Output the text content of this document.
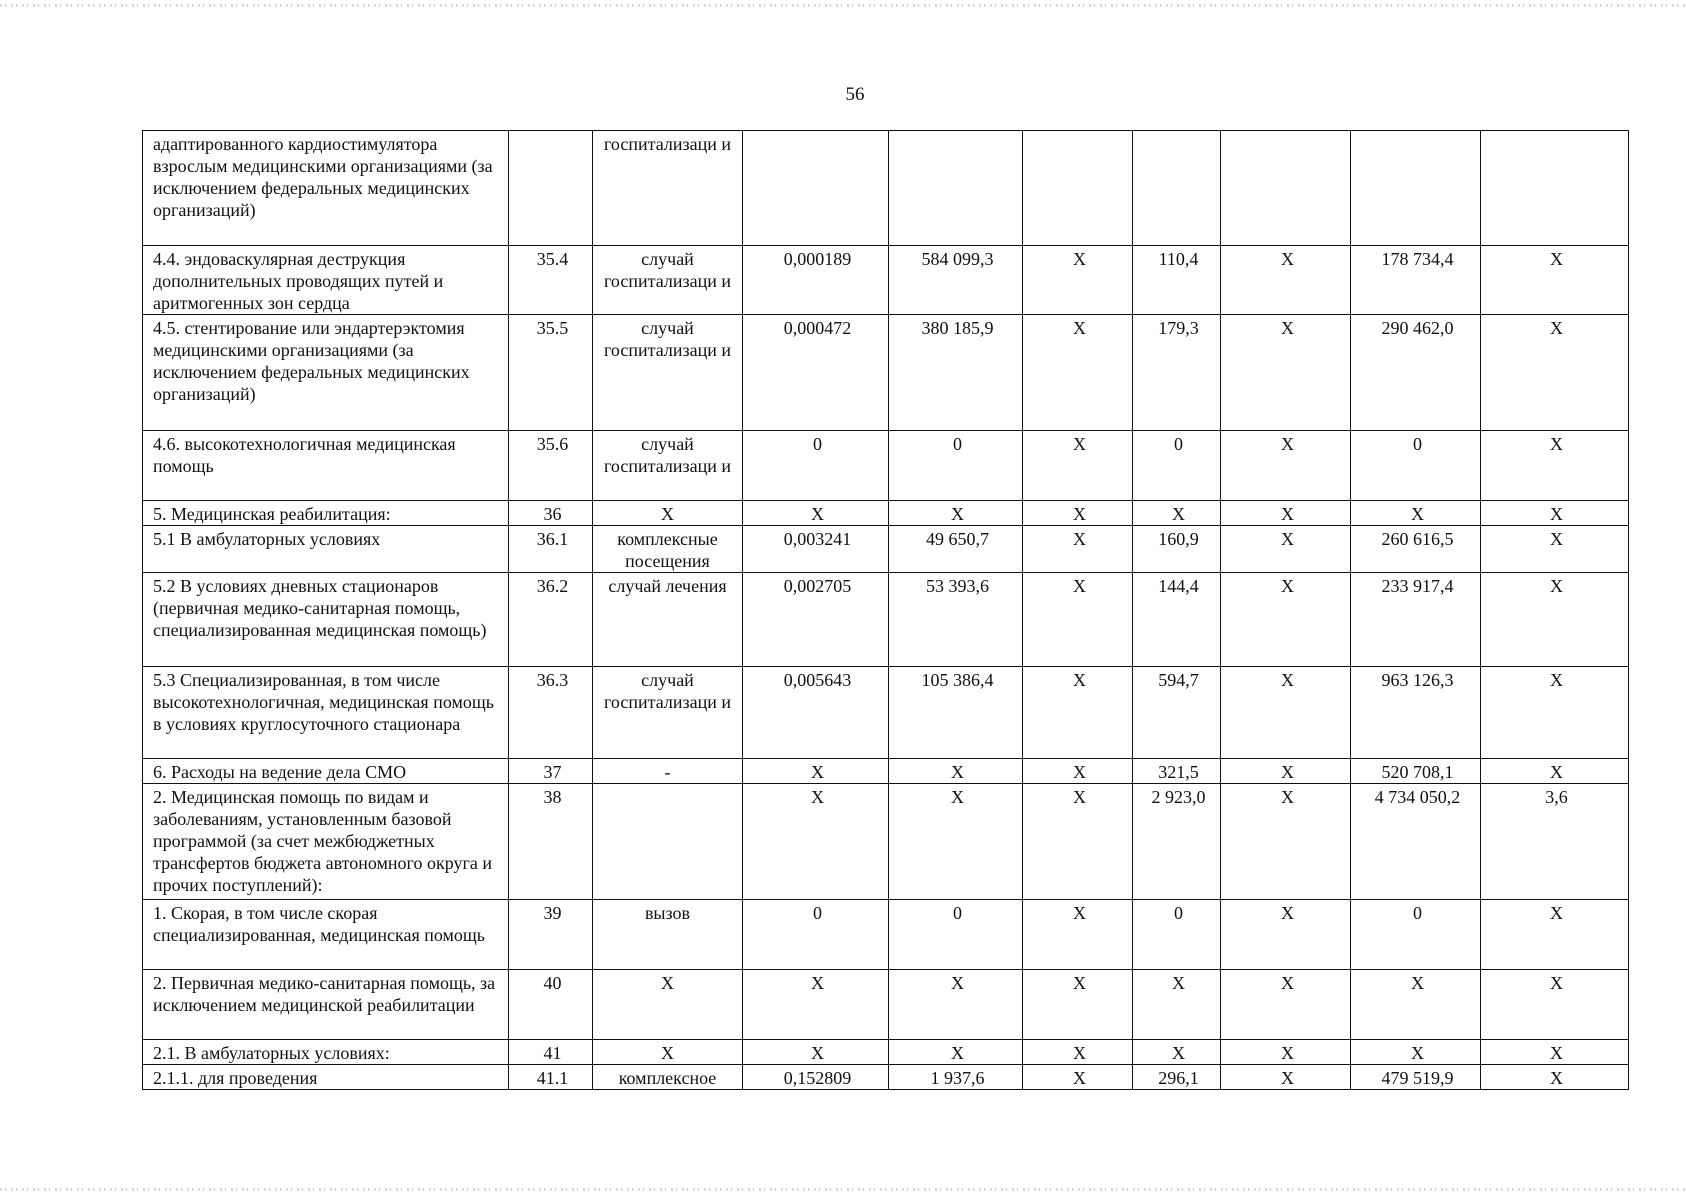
56
адаптированного кардиостимулятора взрослым медицинскими организациями (за исключением федеральных медицинских организаций)		госпитализаци и							
4.4. эндоваскулярная деструкция дополнительных проводящих путей и аритмогенных зон сердца	35.4	случай госпитализаци и	0,000189	584 099,3	X	110,4	X	178 734,4	X
4.5. стентирование или эндартерэктомия медицинскими организациями (за исключением федеральных медицинских организаций)	35.5	случай госпитализаци и	0,000472	380 185,9	X	179,3	X	290 462,0	X
4.6. высокотехнологичная медицинская помощь	35.6	случай госпитализаци и	0	0	X	0	X	0	X
5. Медицинская реабилитация:	36	X	X	X	X	X	X	X	X
5.1 В амбулаторных условиях	36.1	комплексные посещения	0,003241	49 650,7	X	160,9	X	260 616,5	X
5.2 В условиях дневных стационаров (первичная медико-санитарная помощь, специализированная медицинская помощь)	36.2	случай лечения	0,002705	53 393,6	X	144,4	X	233 917,4	X
5.3 Специализированная, в том числе высокотехнологичная, медицинская помощь в условиях круглосуточного стационара	36.3	случай госпитализаци и	0,005643	105 386,4	X	594,7	X	963 126,3	X
6. Расходы на ведение дела СМО	37	-	X	X	X	321,5	X	520 708,1	X
2. Медицинская помощь по видам и заболеваниям, установленным базовой программой (за счет межбюджетных трансфертов бюджета автономного округа и прочих поступлений):	38		X	X	X	2 923,0	X	4 734 050,2	3,6
1. Скорая, в том числе скорая специализированная, медицинская помощь	39	вызов	0	0	X	0	X	0	X
2. Первичная медико-санитарная помощь, за исключением медицинской реабилитации	40	X	X	X	X	X	X	X	X
2.1. В амбулаторных условиях:	41	X	X	X	X	X	X	X	X
2.1.1. для проведения	41.1	комплексное	0,152809	1 937,6	X	296,1	X	479 519,9	X
